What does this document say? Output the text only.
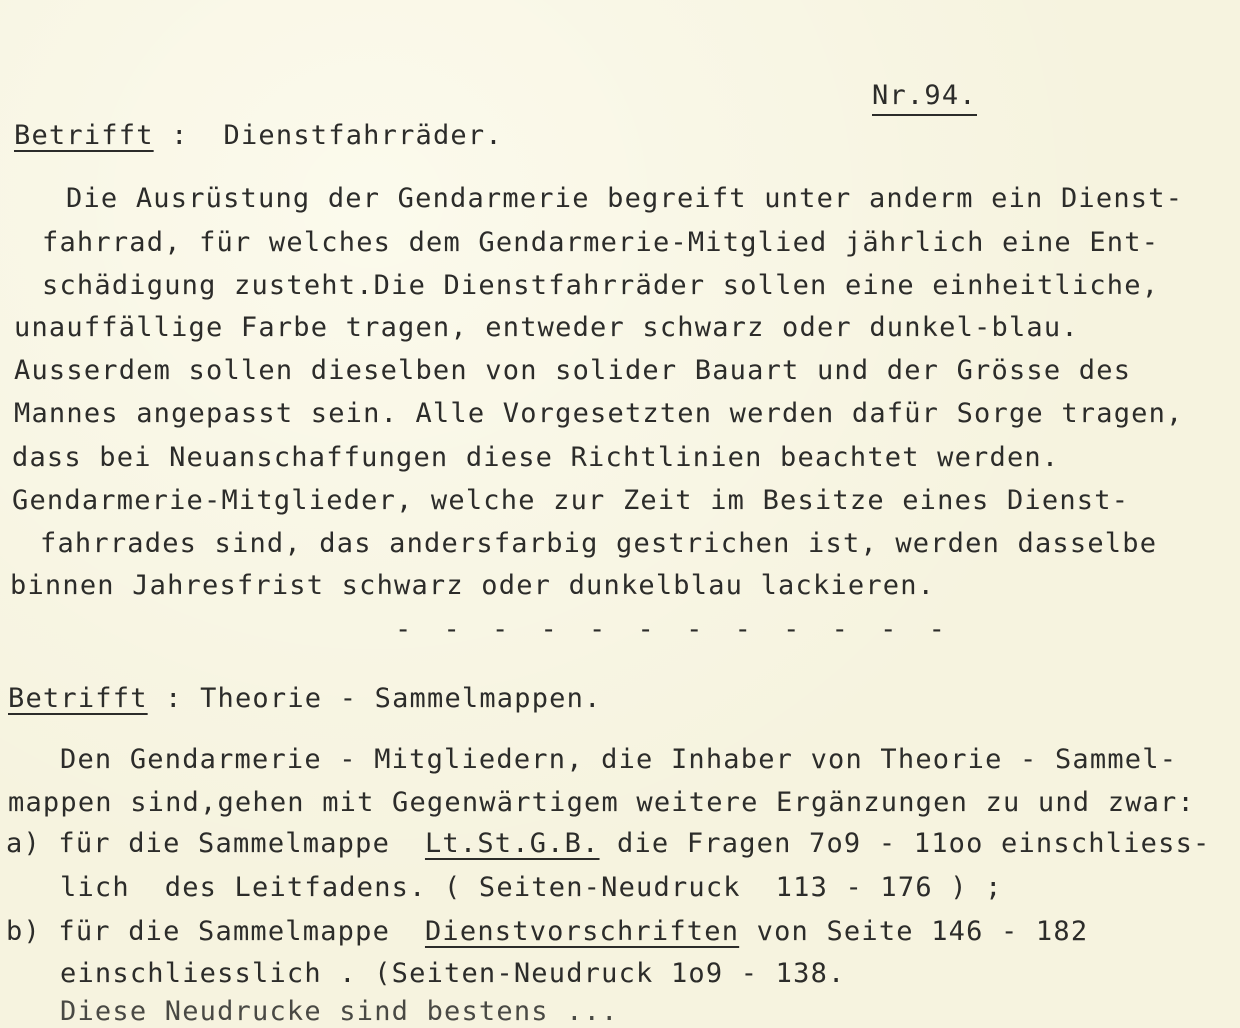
Nr.94.
Betrifft : Dienstfahrräder.
Die Ausrüstung der Gendarmerie begreift unter anderm ein Dienst-
fahrrad, für welches dem Gendarmerie-Mitglied jährlich eine Ent-
schädigung zusteht.Die Dienstfahrräder sollen eine einheitliche,
unauffällige Farbe tragen, entweder schwarz oder dunkel-blau.
Ausserdem sollen dieselben von solider Bauart und der Grösse des
Mannes angepasst sein. Alle Vorgesetzten werden dafür Sorge tragen,
dass bei Neuanschaffungen diese Richtlinien beachtet werden.
Gendarmerie-Mitglieder, welche zur Zeit im Besitze eines Dienst-
fahrrades sind, das andersfarbig gestrichen ist, werden dasselbe
binnen Jahresfrist schwarz oder dunkelblau lackieren.
- - - - - - - - - - - -
Betrifft : Theorie - Sammelmappen.
Den Gendarmerie - Mitgliedern, die Inhaber von Theorie - Sammel-
mappen sind,gehen mit Gegenwärtigem weitere Ergänzungen zu und zwar:
a) für die Sammelmappe Lt.St.G.B. die Fragen 7o9 - 11oo einschliess-
lich  des Leitfadens. ( Seiten-Neudruck  113 - 176 ) ;
b) für die Sammelmappe Dienstvorschriften von Seite 146 - 182
einschliesslich . (Seiten-Neudruck 1o9 - 138.
Diese Neudrucke sind bestens ...
